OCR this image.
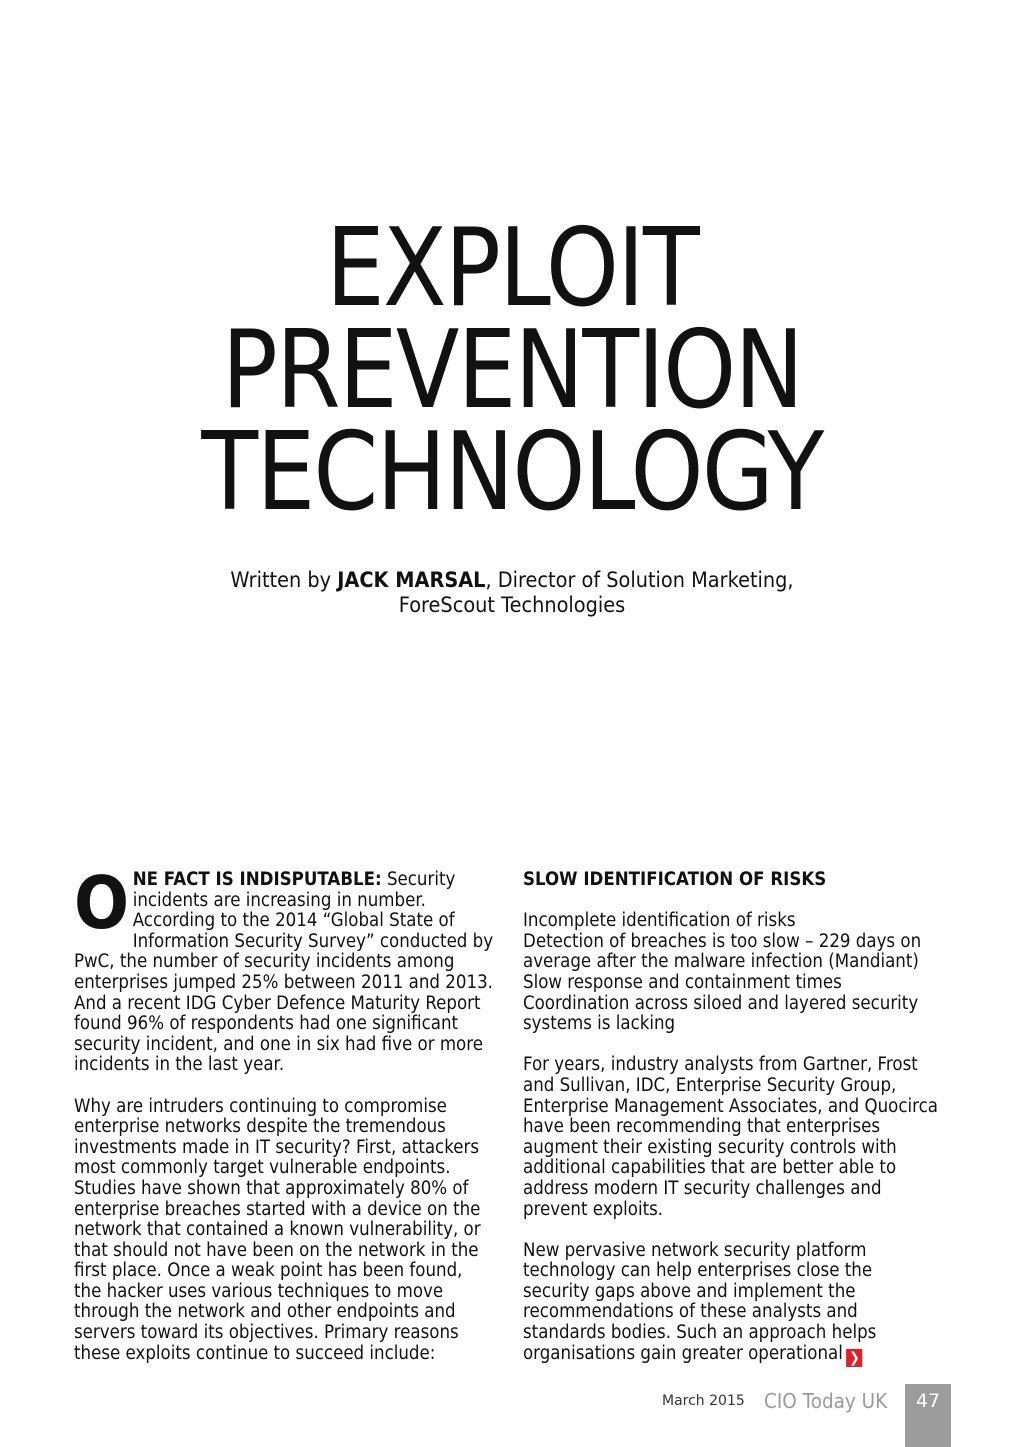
EXPLOIT
PREVENTION
TECHNOLOGY
Written by JACK MARSAL, Director of Solution Marketing, ForeScout Technologies

ONE FACT IS INDISPUTABLE: Security incidents are increasing in number. According to the 2014 “Global State of Information Security Survey” conducted by PwC, the number of security incidents among enterprises jumped 25% between 2011 and 2013. And a recent IDG Cyber Defence Maturity Report found 96% of respondents had one significant security incident, and one in six had five or more incidents in the last year.

Why are intruders continuing to compromise enterprise networks despite the tremendous investments made in IT security? First, attackers most commonly target vulnerable endpoints. Studies have shown that approximately 80% of enterprise breaches started with a device on the network that contained a known vulnerability, or that should not have been on the network in the first place. Once a weak point has been found, the hacker uses various techniques to move through the network and other endpoints and servers toward its objectives. Primary reasons these exploits continue to succeed include:

SLOW IDENTIFICATION OF RISKS

Incomplete identification of risks
Detection of breaches is too slow – 229 days on average after the malware infection (Mandiant)
Slow response and containment times
Coordination across siloed and layered security systems is lacking

For years, industry analysts from Gartner, Frost and Sullivan, IDC, Enterprise Security Group, Enterprise Management Associates, and Quocirca have been recommending that enterprises augment their existing security controls with additional capabilities that are better able to address modern IT security challenges and prevent exploits.

New pervasive network security platform technology can help enterprises close the security gaps above and implement the recommendations of these analysts and standards bodies. Such an approach helps organisations gain greater operational ❯

March 2015 CIO Today UK	47
